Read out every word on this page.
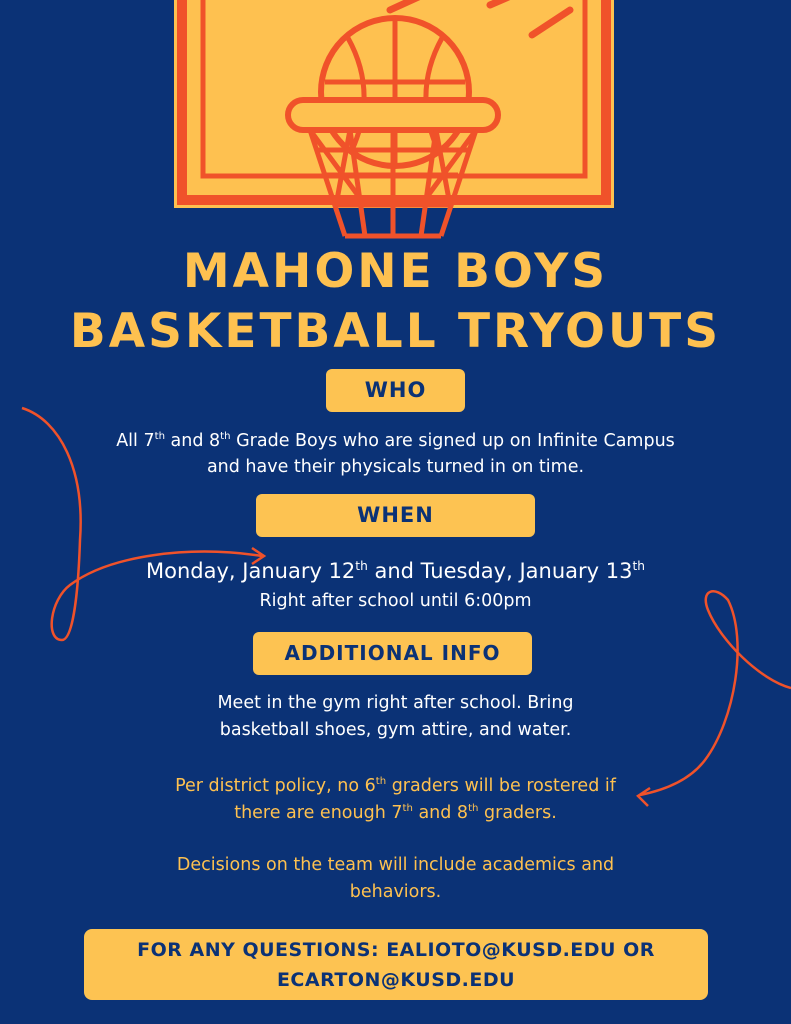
MAHONE BOYS
BASKETBALL TRYOUTS
WHO
All 7th and 8th Grade Boys who are signed up on Infinite Campus
and have their physicals turned in on time.
WHEN
Monday, January 12th and Tuesday, January 13th
Right after school until 6:00pm
ADDITIONAL INFO
Meet in the gym right after school. Bring
basketball shoes, gym attire, and water.
Per district policy, no 6th graders will be rostered if
there are enough 7th and 8th graders.
Decisions on the team will include academics and
behaviors.
FOR ANY QUESTIONS: EALIOTO@KUSD.EDU OR
ECARTON@KUSD.EDU
